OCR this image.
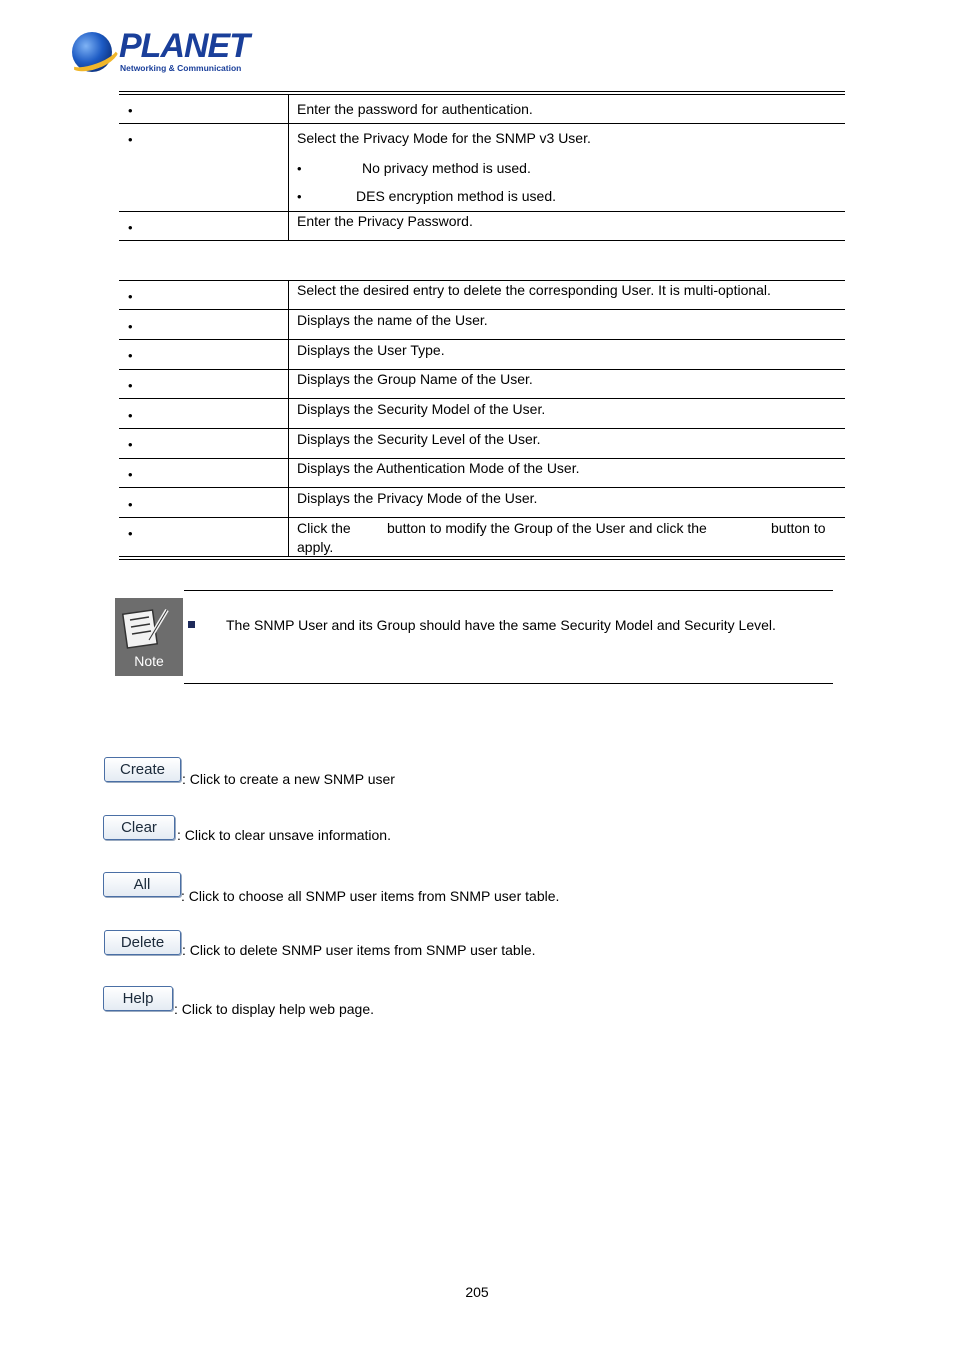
PLANET
Networking & Communication
•	Enter the password for authentication.
•	Select the Privacy Mode for the SNMP v3 User.
•	No privacy method is used.
•	DES encryption method is used.
•	Enter the Privacy Password.
•	Select the desired entry to delete the corresponding User. It is multi-optional.
•	Displays the name of the User.
•	Displays the User Type.
•	Displays the Group Name of the User.
•	Displays the Security Model of the User.
•	Displays the Security Level of the User.
•	Displays the Authentication Mode of the User.
•	Displays the Privacy Mode of the User.
•	Click the	button to modify the Group of the User and click the	button to
apply.
Note
The SNMP User and its Group should have the same Security Model and Security Level.
Create
: Click to create a new SNMP user
Clear	: Click to clear unsave information.
All
: Click to choose all SNMP user items from SNMP user table.
Delete	: Click to delete SNMP user items from SNMP user table.
Help
: Click to display help web page.
205
